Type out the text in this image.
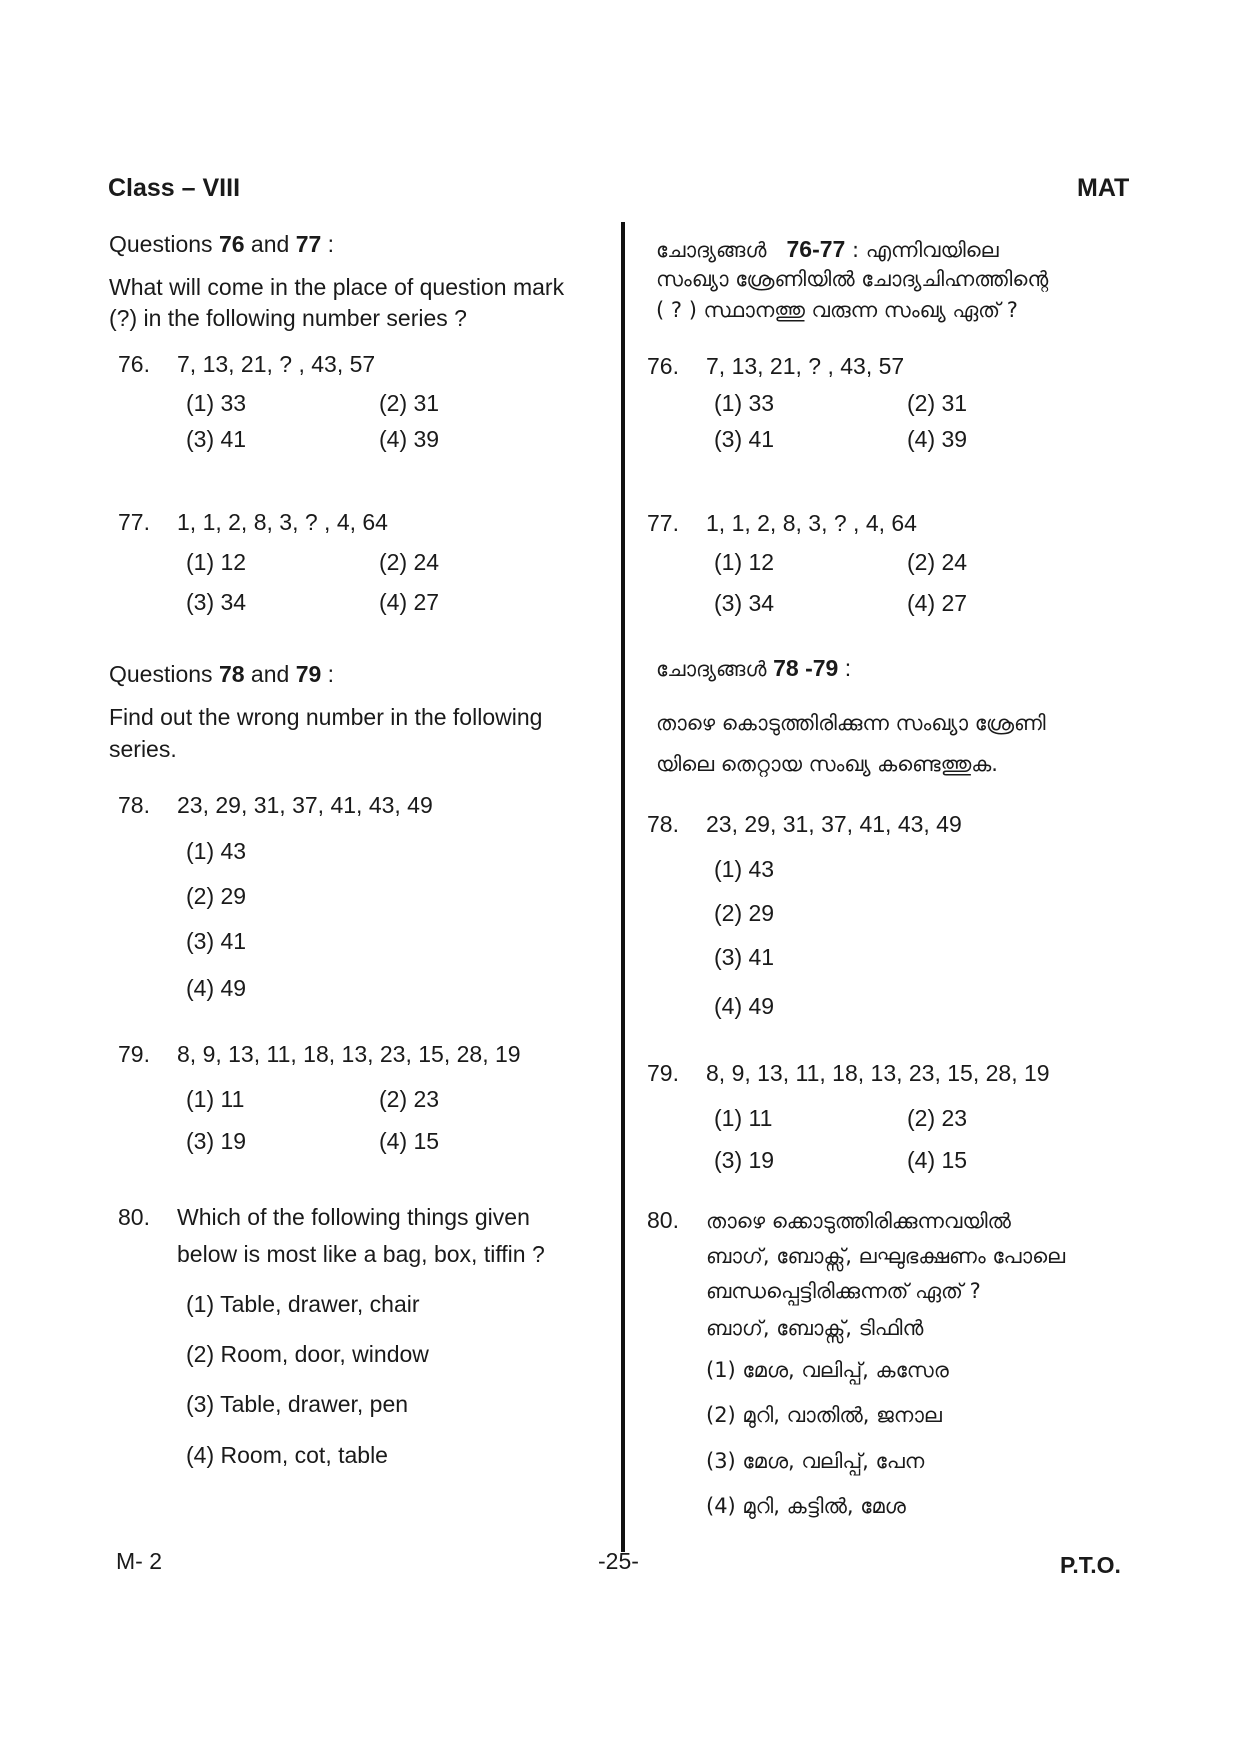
Class – VIII	MAT
Questions 76 and 77 :
What will come in the place of question mark
(?) in the following number series ?
76. 7, 13, 21, ? , 43, 57
(1) 33	(2) 31
(3) 41	(4) 39
77. 1, 1, 2, 8, 3, ? , 4, 64
(1) 12	(2) 24
(3) 34	(4) 27
Questions 78 and 79 :
Find out the wrong number in the following
series.
78. 23, 29, 31, 37, 41, 43, 49
(1) 43
(2) 29
(3) 41
(4) 49
79. 8, 9, 13, 11, 18, 13, 23, 15, 28, 19
(1) 11	(2) 23
(3) 19	(4) 15
80. Which of the following things given
below is most like a bag, box, tiffin ?
(1) Table, drawer, chair
(2) Room, door, window
(3) Table, drawer, pen
(4) Room, cot, table
ചോദ്യങ്ങൾ 76-77 : എന്നിവയിലെ
സംഖ്യാ ശ്രേണിയിൽ ചോദ്യചിഹ്നത്തിന്റെ
( ? ) സ്ഥാനത്തു വരുന്ന സംഖ്യ ഏത് ?
76. 7, 13, 21, ? , 43, 57
(1) 33	(2) 31
(3) 41	(4) 39
77. 1, 1, 2, 8, 3, ? , 4, 64
(1) 12	(2) 24
(3) 34	(4) 27
ചോദ്യങ്ങൾ 78 -79 :
താഴെ കൊടുത്തിരിക്കുന്ന സംഖ്യാ ശ്രേണി
യിലെ തെറ്റായ സംഖ്യ കണ്ടെത്തുക.
78. 23, 29, 31, 37, 41, 43, 49
(1) 43
(2) 29
(3) 41
(4) 49
79. 8, 9, 13, 11, 18, 13, 23, 15, 28, 19
(1) 11	(2) 23
(3) 19	(4) 15
80. താഴെ ക്കൊടുത്തിരിക്കുന്നവയിൽ
ബാഗ്, ബോക്സ്, ലഘുഭക്ഷണം പോലെ
ബന്ധപ്പെട്ടിരിക്കുന്നത് ഏത് ?
ബാഗ്, ബോക്സ്, ടിഫിൻ
(1) മേശ, വലിപ്പ്, കസേര
(2) മുറി, വാതിൽ, ജനാല
(3) മേശ, വലിപ്പ്, പേന
(4) മുറി, കട്ടിൽ, മേശ
M- 2	-25-	P.T.O.
